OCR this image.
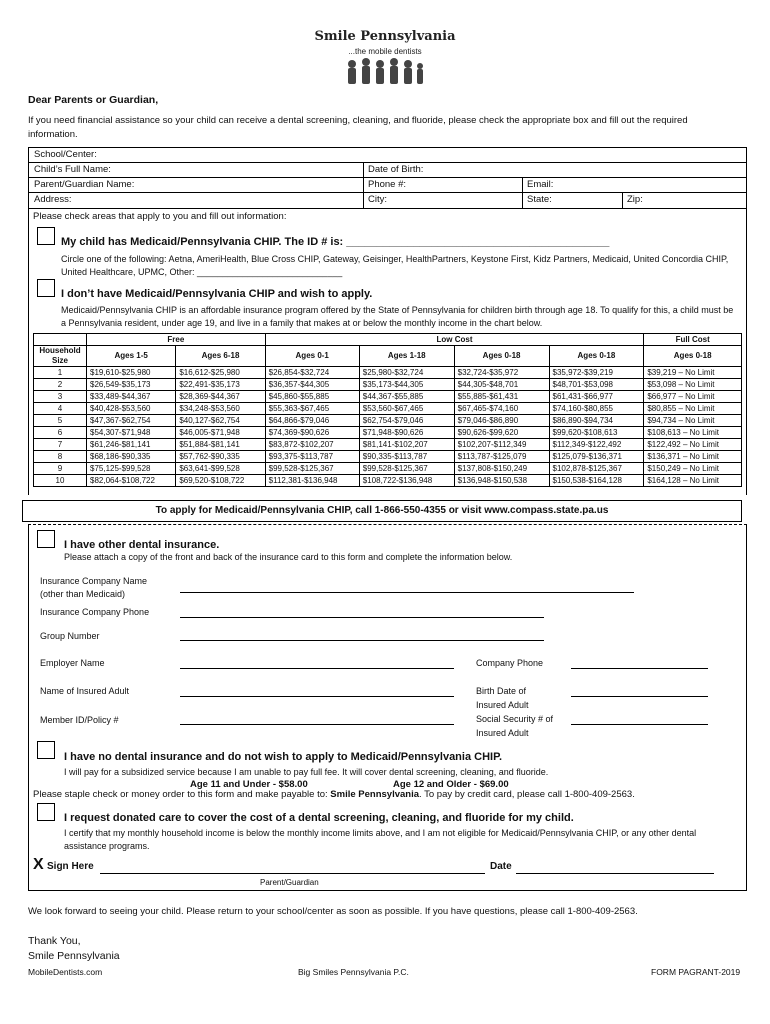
Smile Pennsylvania
...the mobile dentists
Dear Parents or Guardian,
If you need financial assistance so your child can receive a dental screening, cleaning, and fluoride, please check the appropriate box and fill out the required information.
School/Center:
Child’s Full Name:	Date of Birth:
Parent/Guardian Name:	Phone #:	Email:
Address:	City:	State:	Zip:
Please check areas that apply to you and fill out information:
My child has Medicaid/Pennsylvania CHIP. The ID # is: ___________________________________________
Circle one of the following: Aetna, AmeriHealth, Blue Cross CHIP, Gateway, Geisinger, HealthPartners, Keystone First, Kidz Partners, Medicaid, United Concordia CHIP, United Healthcare, UPMC, Other: _____________________________
I don’t have Medicaid/Pennsylvania CHIP and wish to apply.
Medicaid/Pennsylvania CHIP is an affordable insurance program offered by the State of Pennsylvania for children birth through age 18. To qualify for this, a child must be a Pennsylvania resident, under age 19, and live in a family that makes at or below the monthly income in the chart below.
	Free		Low Cost				Full Cost
Household Size	Ages 1-5	Ages 6-18	Ages 0-1	Ages 1-18	Ages 0-18	Ages 0-18	Ages 0-18
1	$19,610-$25,980	$16,612-$25,980	$26,854-$32,724	$25,980-$32,724	$32,724-$35,972	$35,972-$39,219	$39,219 – No Limit
2	$26,549-$35,173	$22,491-$35,173	$36,357-$44,305	$35,173-$44,305	$44,305-$48,701	$48,701-$53,098	$53,098 – No Limit
3	$33,489-$44,367	$28,369-$44,367	$45,860-$55,885	$44,367-$55,885	$55,885-$61,431	$61,431-$66,977	$66,977 – No Limit
4	$40,428-$53,560	$34,248-$53,560	$55,363-$67,465	$53,560-$67,465	$67,465-$74,160	$74,160-$80,855	$80,855 – No Limit
5	$47,367-$62,754	$40,127-$62,754	$64,866-$79,046	$62,754-$79,046	$79,046-$86,890	$86,890-$94,734	$94,734 – No Limit
6	$54,307-$71,948	$46,005-$71,948	$74,369-$90,626	$71,948-$90,626	$90,626-$99,620	$99,620-$108,613	$108,613 – No Limit
7	$61,246-$81,141	$51,884-$81,141	$83,872-$102,207	$81,141-$102,207	$102,207-$112,349	$112,349-$122,492	$122,492 – No Limit
8	$68,186-$90,335	$57,762-$90,335	$93,375-$113,787	$90,335-$113,787	$113,787-$125,079	$125,079-$136,371	$136,371 – No Limit
9	$75,125-$99,528	$63,641-$99,528	$99,528-$125,367	$99,528-$125,367	$137,808-$150,249	$102,878-$125,367	$150,249 – No Limit
10	$82,064-$108,722	$69,520-$108,722	$112,381-$136,948	$108,722-$136,948	$136,948-$150,538	$150,538-$164,128	$164,128 – No Limit
To apply for Medicaid/Pennsylvania CHIP, call 1-866-550-4355 or visit www.compass.state.pa.us
I have other dental insurance.
Please attach a copy of the front and back of the insurance card to this form and complete the information below.
Insurance Company Name
(other than Medicaid)
Insurance Company Phone
Group Number
Employer Name	Company Phone
Name of Insured Adult	Birth Date of
Insured Adult
Member ID/Policy #	Social Security # of
Insured Adult
I have no dental insurance and do not wish to apply to Medicaid/Pennsylvania CHIP.
I will pay for a subsidized service because I am unable to pay full fee. It will cover dental screening, cleaning, and fluoride.
Age 11 and Under - $58.00	Age 12 and Older - $69.00
Please staple check or money order to this form and make payable to: Smile Pennsylvania. To pay by credit card, please call 1-800-409-2563.
I request donated care to cover the cost of a dental screening, cleaning, and fluoride for my child.
I certify that my monthly household income is below the monthly income limits above, and I am not eligible for Medicaid/Pennsylvania CHIP, or any other dental assistance programs.
X Sign Here	Date
Parent/Guardian
We look forward to seeing your child. Please return to your school/center as soon as possible. If you have questions, please call 1-800-409-2563.
Thank You,
Smile Pennsylvania
MobileDentists.com	Big Smiles Pennsylvania P.C.	FORM PAGRANT-2019
